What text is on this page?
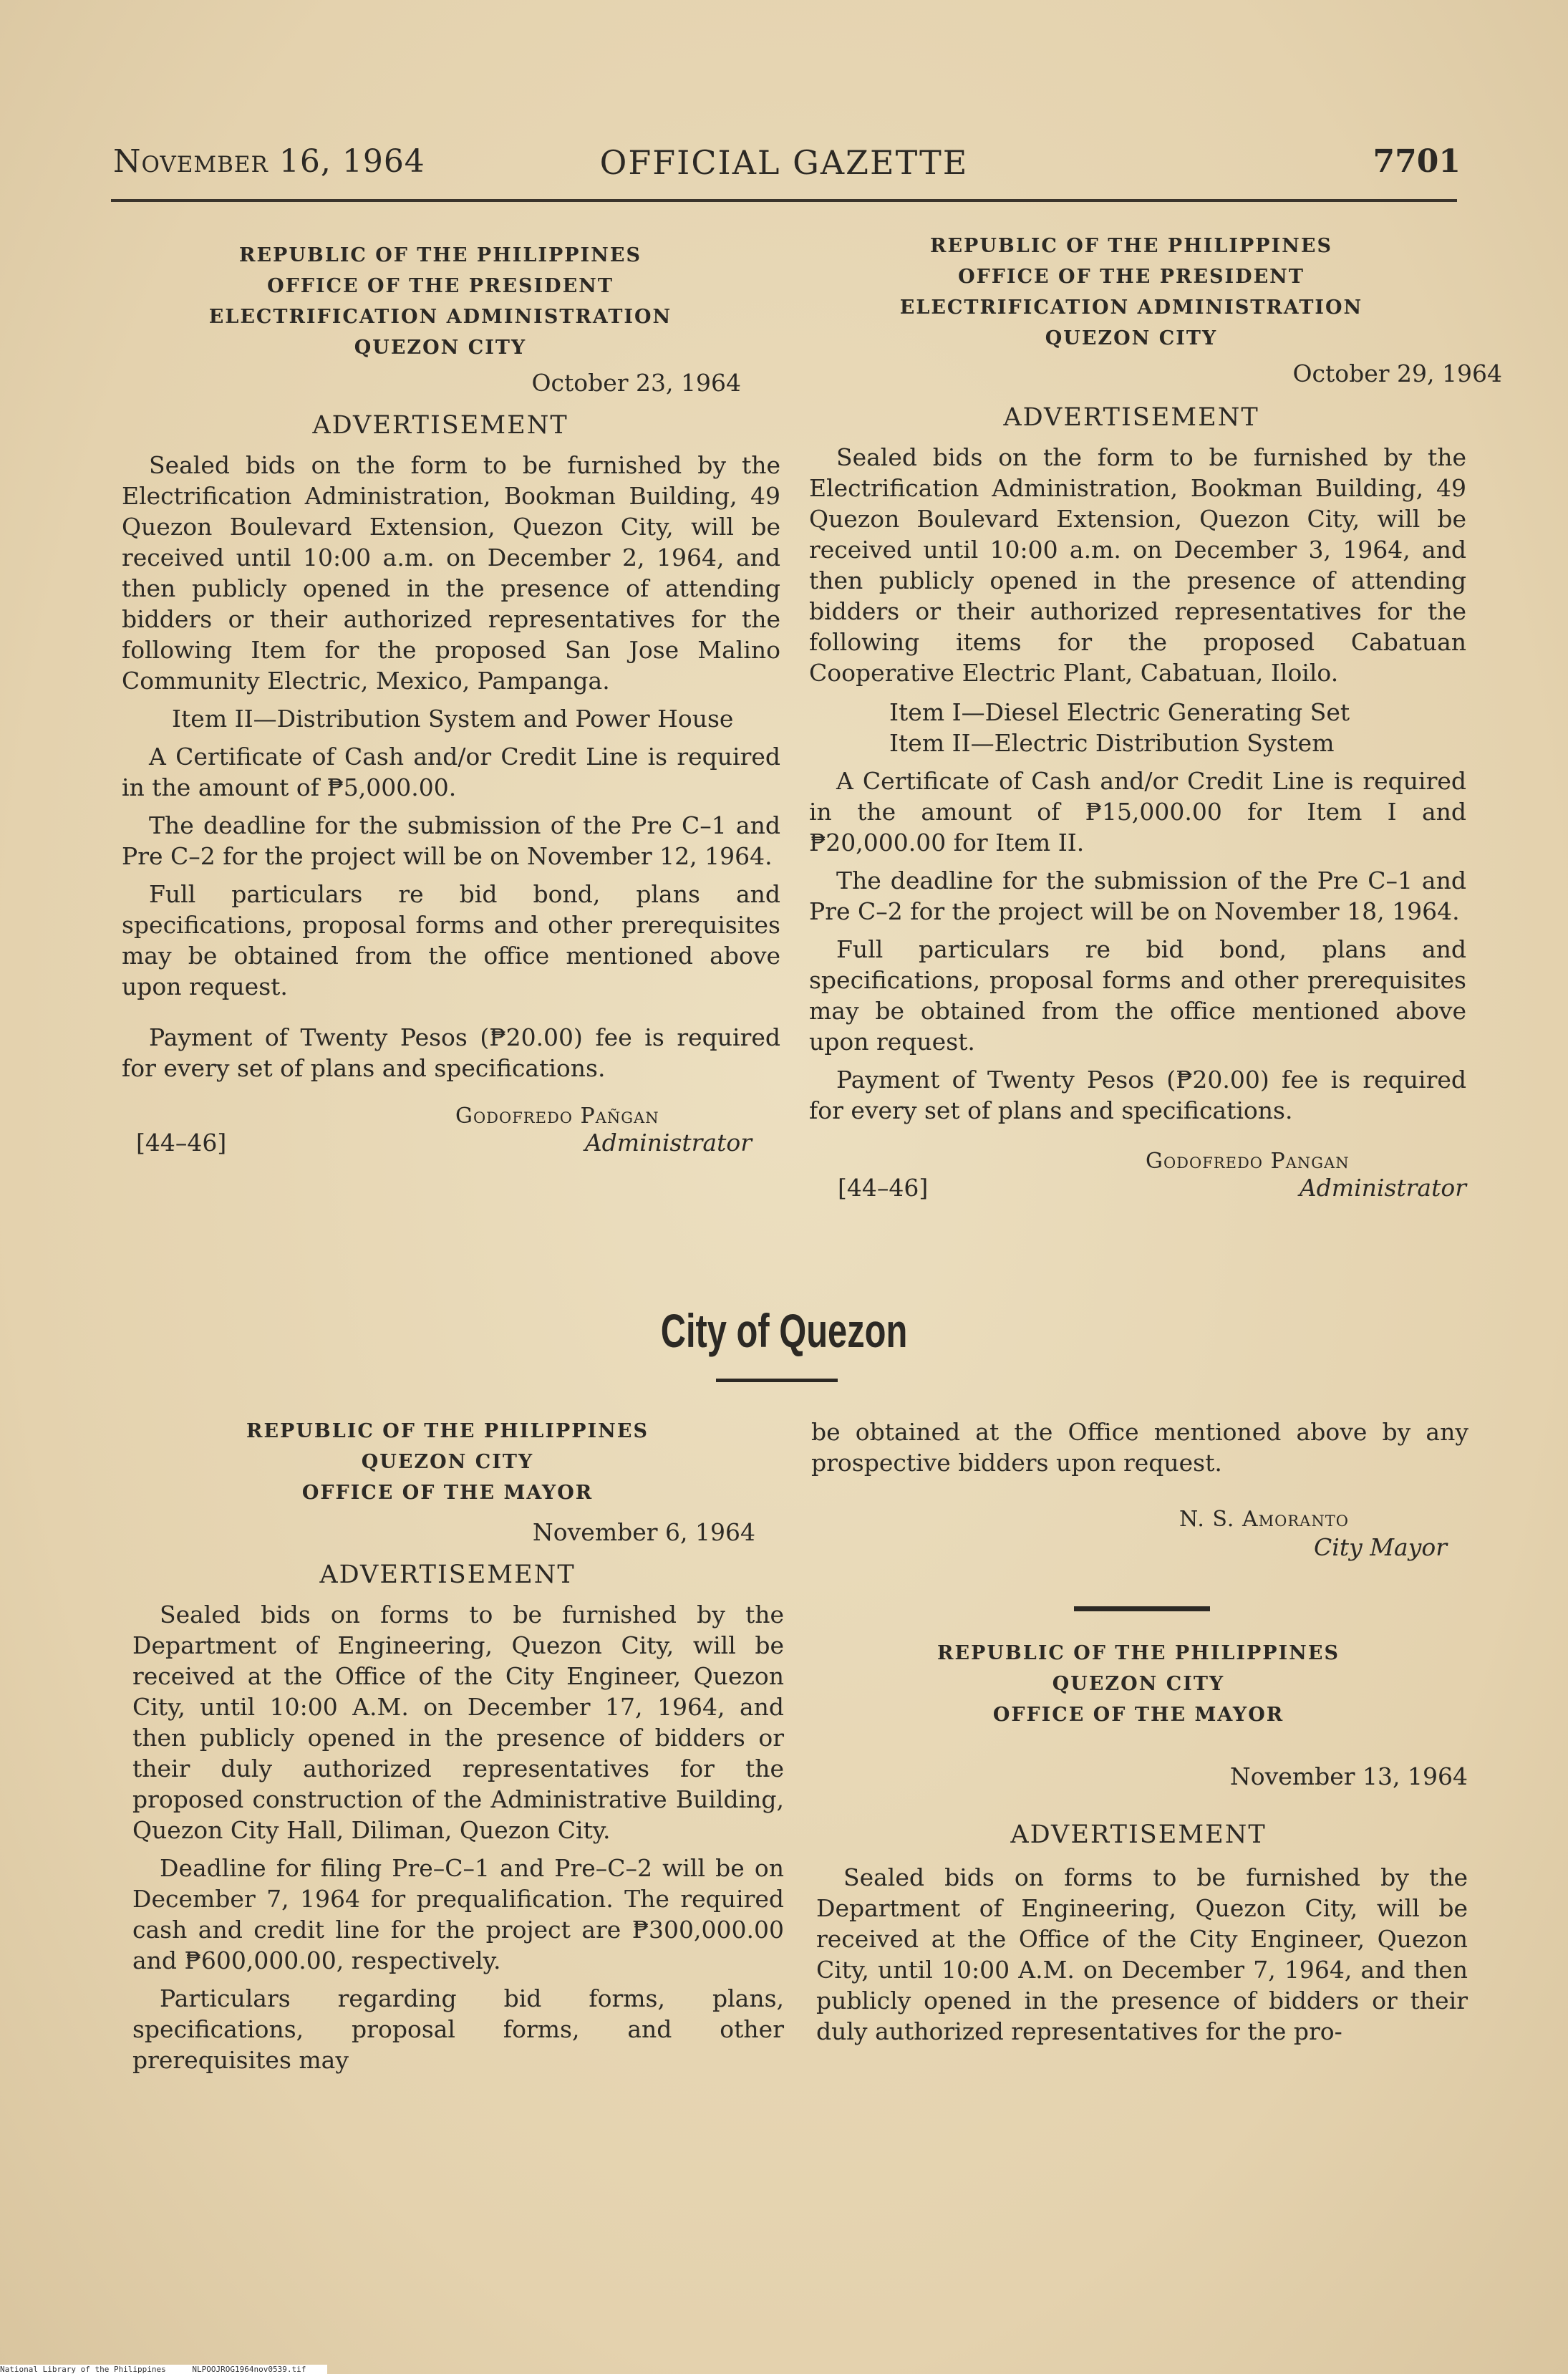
November 16, 1964	OFFICIAL GAZETTE	7701
REPUBLIC OF THE PHILIPPINES
OFFICE OF THE PRESIDENT
ELECTRIFICATION ADMINISTRATION
QUEZON CITY
October 23, 1964
ADVERTISEMENT

Sealed bids on the form to be furnished by the Electrification Administration, Bookman Building, 49 Quezon Boulevard Extension, Quezon City, will be received until 10:00 a.m. on December 2, 1964, and then publicly opened in the presence of attending bidders or their authorized representatives for the following Item for the proposed San Jose Malino Community Electric, Mexico, Pampanga.

Item II—Distribution System and Power House

A Certificate of Cash and/or Credit Line is required in the amount of ₱5,000.00.

The deadline for the submission of the Pre C–1 and Pre C–2 for the project will be on November 12, 1964.

Full particulars re bid bond, plans and specifications, proposal forms and other prerequisites may be obtained from the office mentioned above upon request.

Payment of Twenty Pesos (₱20.00) fee is required for every set of plans and specifications.

Godofredo Pañgan
[44–46]	Administrator
REPUBLIC OF THE PHILIPPINES
OFFICE OF THE PRESIDENT
ELECTRIFICATION ADMINISTRATION
QUEZON CITY
October 29, 1964
ADVERTISEMENT

Sealed bids on the form to be furnished by the Electrification Administration, Bookman Building, 49 Quezon Boulevard Extension, Quezon City, will be received until 10:00 a.m. on December 3, 1964, and then publicly opened in the presence of attending bidders or their authorized representatives for the following items for the proposed Cabatuan Cooperative Electric Plant, Cabatuan, Iloilo.

Item I—Diesel Electric Generating Set

Item II—Electric Distribution System

A Certificate of Cash and/or Credit Line is required in the amount of ₱15,000.00 for Item I and ₱20,000.00 for Item II.

The deadline for the submission of the Pre C–1 and Pre C–2 for the project will be on November 18, 1964.

Full particulars re bid bond, plans and specifications, proposal forms and other prerequisites may be obtained from the office mentioned above upon request.

Payment of Twenty Pesos (₱20.00) fee is required for every set of plans and specifications.

Godofredo Pangan
[44–46]	Administrator
City of Quezon
REPUBLIC OF THE PHILIPPINES
QUEZON CITY
OFFICE OF THE MAYOR
November 6, 1964
ADVERTISEMENT

Sealed bids on forms to be furnished by the Department of Engineering, Quezon City, will be received at the Office of the City Engineer, Quezon City, until 10:00 A.M. on December 17, 1964, and then publicly opened in the presence of bidders or their duly authorized representatives for the proposed construction of the Administrative Building, Quezon City Hall, Diliman, Quezon City.

Deadline for filing Pre–C–1 and Pre–C–2 will be on December 7, 1964 for prequalification. The required cash and credit line for the project are ₱300,000.00 and ₱600,000.00, respectively.

Particulars regarding bid forms, plans, specifications, proposal forms, and other prerequisites may

be obtained at the Office mentioned above by any prospective bidders upon request.

N. S. Amoranto
City Mayor
REPUBLIC OF THE PHILIPPINES
QUEZON CITY
OFFICE OF THE MAYOR
November 13, 1964
ADVERTISEMENT

Sealed bids on forms to be furnished by the Department of Engineering, Quezon City, will be received at the Office of the City Engineer, Quezon City, until 10:00 A.M. on December 7, 1964, and then publicly opened in the presence of bidders or their duly authorized representatives for the pro-

National Library of the Philippines	NLPOOJROG1964nov0539.tif
